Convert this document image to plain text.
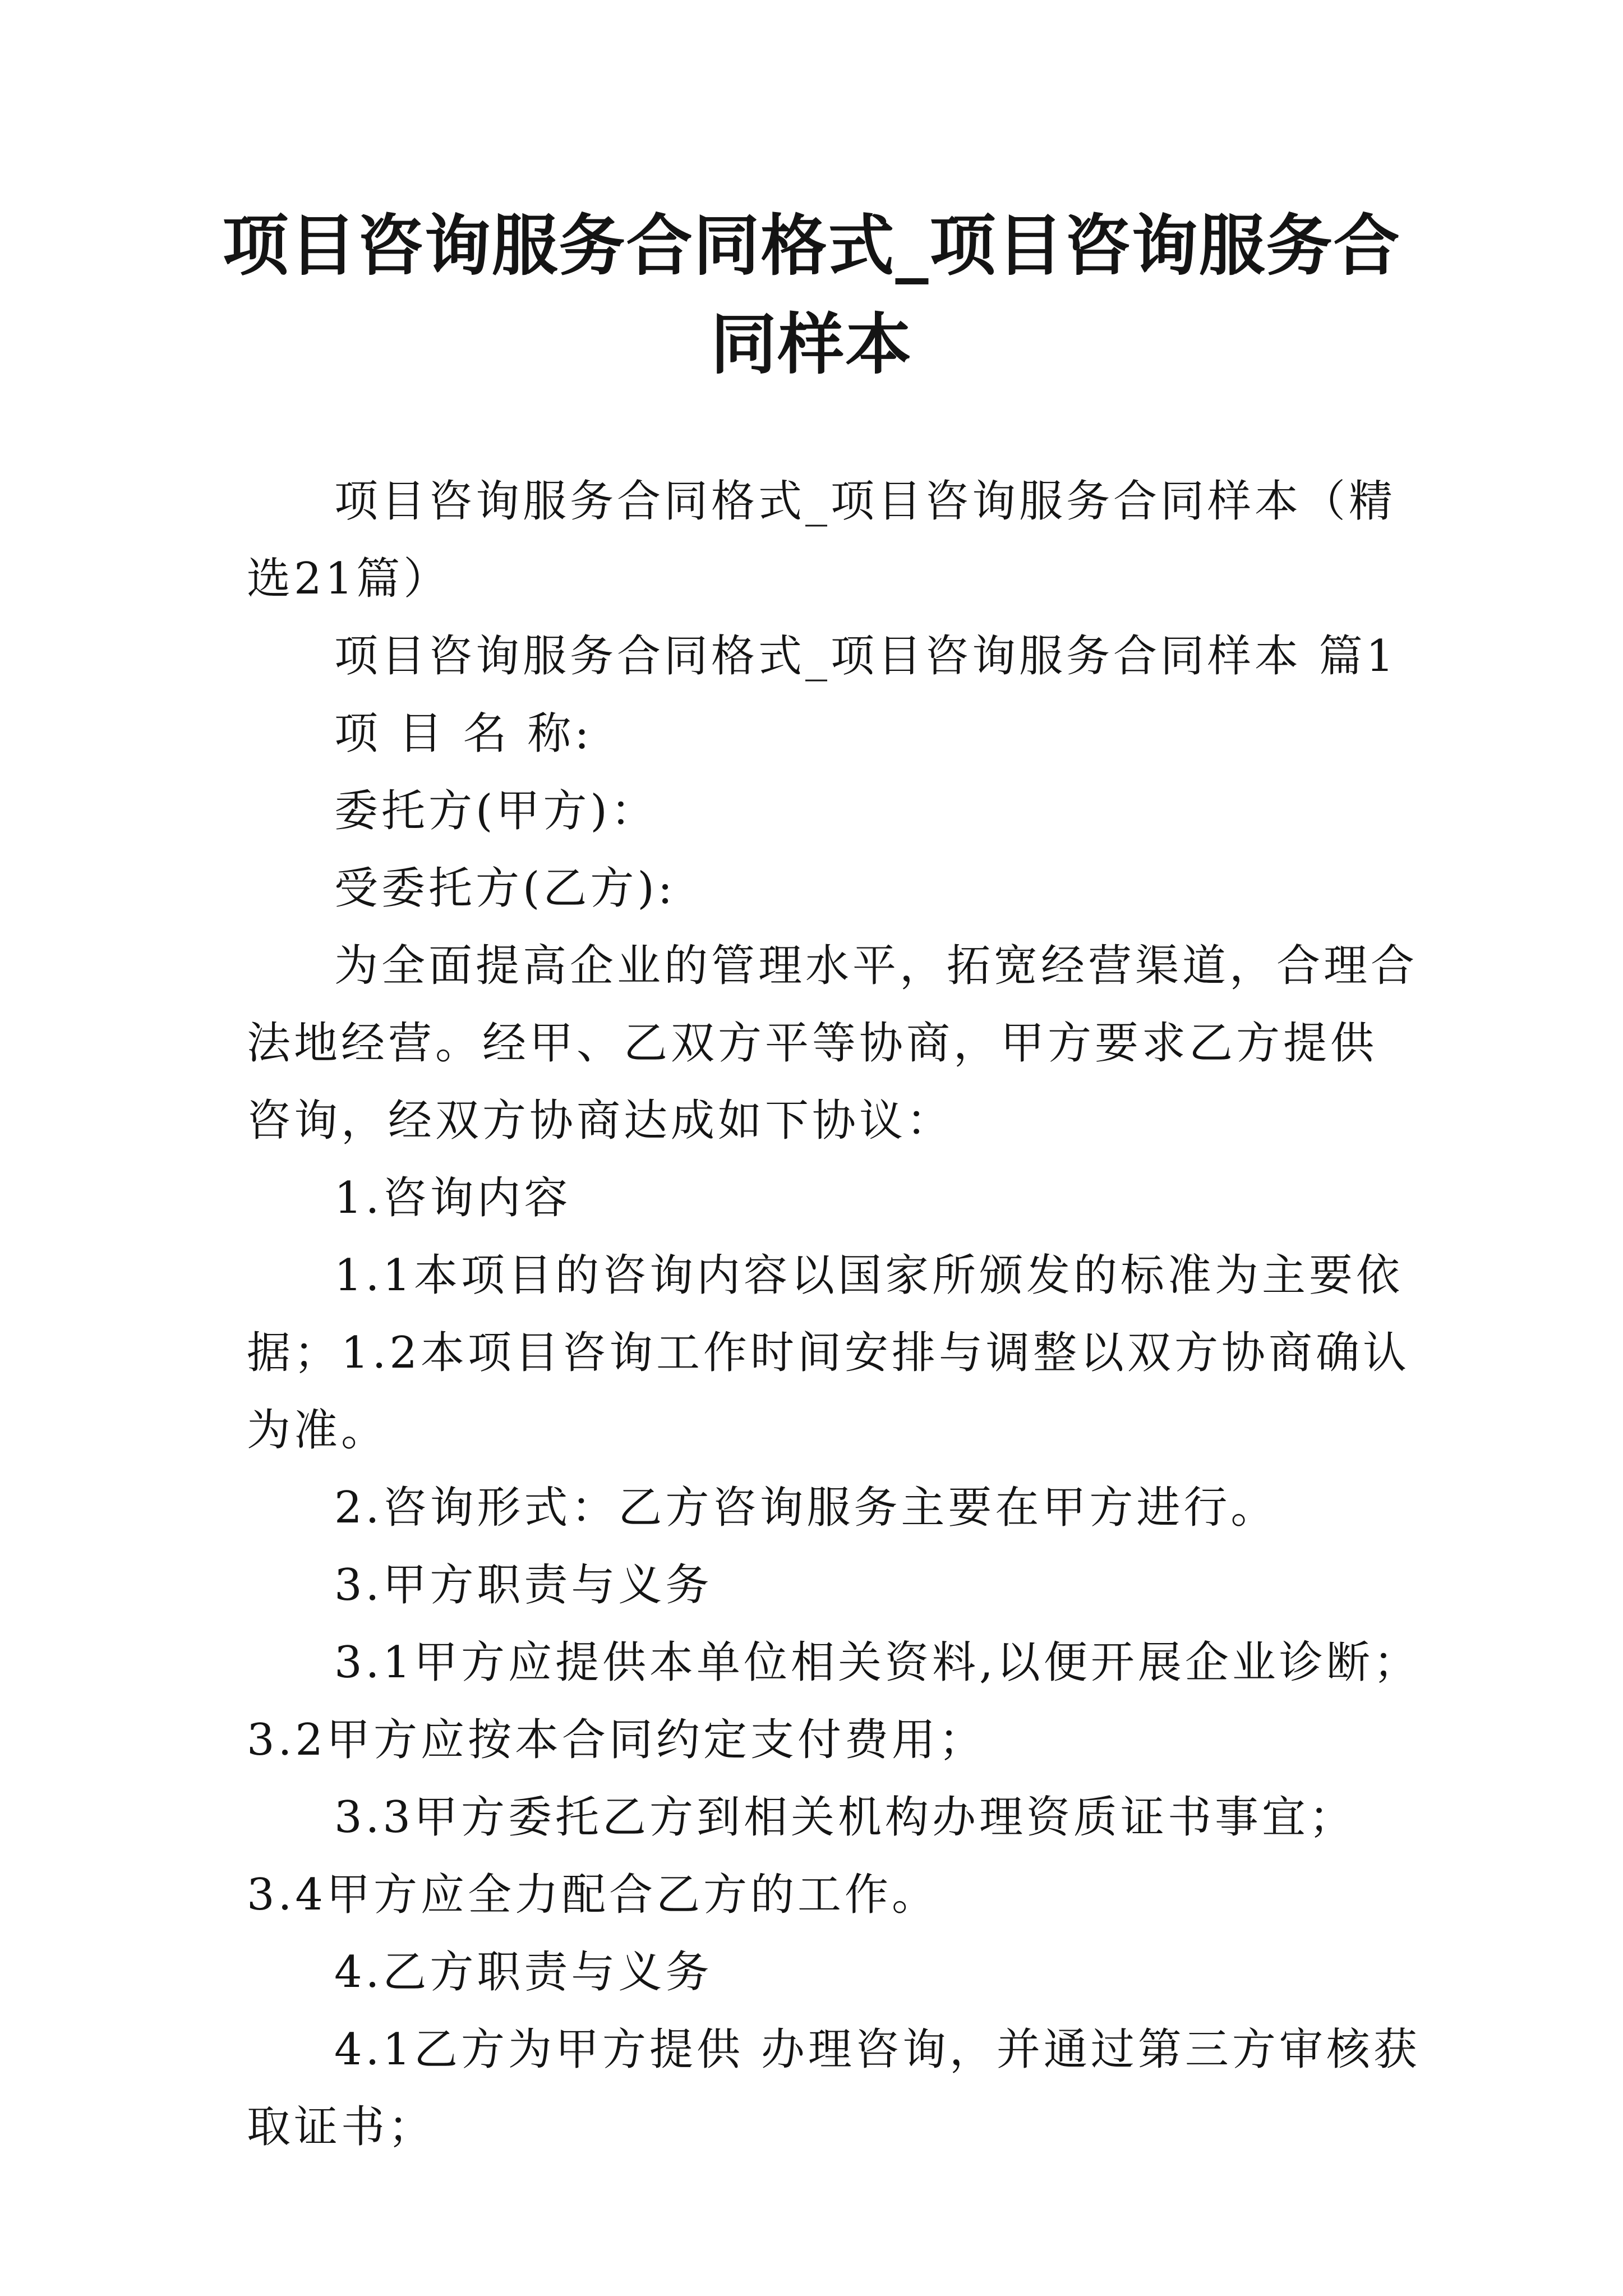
项目咨询服务合同格式_项目咨询服务合同样本

项目咨询服务合同格式_项目咨询服务合同样本（精选21篇）

项目咨询服务合同格式_项目咨询服务合同样本 篇1

项 目 名 称:

委托方(甲方)：

受委托方(乙方):

为全面提高企业的管理水平，拓宽经营渠道，合理合法地经营。经甲、乙双方平等协商，甲方要求乙方提供 咨询，经双方协商达成如下协议：

1.咨询内容

1.1本项目的咨询内容以国家所颁发的标准为主要依据；1.2本项目咨询工作时间安排与调整以双方协商确认为准。

2.咨询形式：乙方咨询服务主要在甲方进行。

3.甲方职责与义务

3.1甲方应提供本单位相关资料,以便开展企业诊断；3.2甲方应按本合同约定支付费用；

3.3甲方委托乙方到相关机构办理资质证书事宜；3.4甲方应全力配合乙方的工作。

4.乙方职责与义务

4.1乙方为甲方提供 办理咨询，并通过第三方审核获取证书；
